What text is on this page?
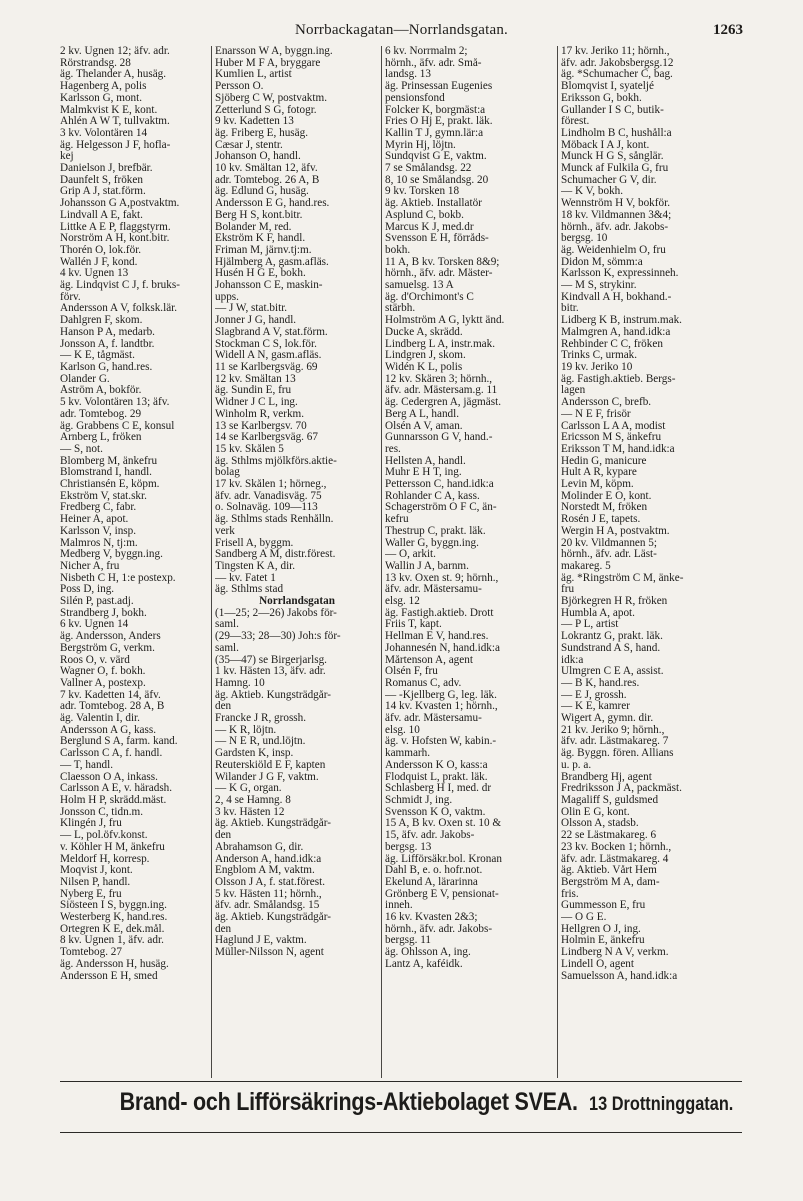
Norrbackagatan—Norrlandsgatan.	1263
2 kv. Ugnen 12; äfv. adr.
Rörstrandsg. 28
äg. Thelander A, husäg.
Hagenberg A, polis
Karlsson G, mont.
Malmkvist K E, kont.
Ahlén A W T, tullvaktm.
3 kv. Volontären 14
äg. Helgesson J F, hofla-
kej
Danielson J, brefbär.
Daunfelt S, fröken
Grip A J, stat.förm.
Johansson G A,postvaktm.
Lindvall A E, fakt.
Littke A E P, flaggstyrm.
Norström A H, kont.bitr.
Thorén O, lok.för.
Wallén J F, kond.
4 kv. Ugnen 13
äg. Lindqvist C J, f. bruks-
förv.
Andersson A V, folksk.lär.
Dahlgren F, skom.
Hanson P A, medarb.
Jonsson A, f. landtbr.
— K E, tågmäst.
Karlson G, hand.res.
Olander G.
Åström A, bokför.
5 kv. Volontären 13; äfv.
adr. Tomtebog. 29
äg. Grabbens C E, konsul
Arnberg L, fröken
— S, not.
Blomberg M, änkefru
Blomstrand I, handl.
Christiansén E, köpm.
Ekström V, stat.skr.
Fredberg C, fabr.
Heiner A, apot.
Karlsson V, insp.
Malmros N, tj:m.
Medberg V, byggn.ing.
Nicher A, fru
Nisbeth C H, 1:e postexp.
Poss D, ing.
Silén P, past.adj.
Strandberg J, bokh.
6 kv. Ugnen 14
äg. Andersson, Anders
Bergström G, verkm.
Roos O, v. värd
Wagner O, f. bokh.
Vallner A, postexp.
7 kv. Kadetten 14, äfv.
adr. Tomtebog. 28 A, B
äg. Valentin I, dir.
Andersson A G, kass.
Berglund S A, farm. kand.
Carlsson C A, f. handl.
— T, handl.
Claesson O A, inkass.
Carlsson A E, v. häradsh.
Holm H P, skrädd.mäst.
Jonsson C, tidn.m.
Klingén J, fru
— L, pol.öfv.konst.
v. Köhler H M, änkefru
Meldorf H, korresp.
Moqvist J, kont.
Nilsen P, handl.
Nyberg E, fru
Siösteen I S, byggn.ing.
Westerberg K, hand.res.
Örtegren K E, dek.mål.
8 kv. Ugnen 1, äfv. adr.
Tomtebog. 27
äg. Andersson H, husäg.
Andersson E H, smed
Enarsson W A, byggn.ing.
Huber M F A, bryggare
Kumlien L, artist
Persson O.
Sjöberg C W, postvaktm.
Zetterlund S G, fotogr.
9 kv. Kadetten 13
äg. Friberg E, husäg.
Cæsar J, stentr.
Johanson O, handl.
10 kv. Smältan 12, äfv.
adr. Tomtebog. 26 A, B
äg. Edlund G, husäg.
Andersson E G, hand.res.
Berg H S, kont.bitr.
Bolander M, red.
Ekström K F, handl.
Friman M, järnv.tj:m.
Hjälmberg A, gasm.afläs.
Husén H G E, bokh.
Johansson C E, maskin-
upps.
— J W, stat.bitr.
Jonner J G, handl.
Slagbrand A V, stat.förm.
Stockman C S, lok.för.
Widell A N, gasm.afläs.
11 se Karlbergsväg. 69
12 kv. Smältan 13
äg. Sundin E, fru
Widner J C L, ing.
Winholm R, verkm.
13 se Karlbergsv. 70
14 se Karlbergsväg. 67
15 kv. Skålen 5
äg. Sthlms mjölkförs.aktie-
bolag
17 kv. Skålen 1; hörneg.,
äfv. adr. Vanadisväg. 75
o. Solnaväg. 109—113
äg. Sthlms stads Renhålln.
verk
Frisell A, byggm.
Sandberg A M, distr.förest.
Tingsten K A, dir.
— kv. Fatet 1
äg. Sthlms stad
Norrlandsgatan
(1—25; 2—26) Jakobs för-
saml.
(29—33; 28—30) Joh:s för-
saml.
(35—47) se Birgerjarlsg.
1 kv. Hästen 13, äfv. adr.
Hamng. 10
äg. Aktieb. Kungsträdgår-
den
Francke J R, grossh.
— K R, löjtn.
— N E R, und.löjtn.
Gardsten K, insp.
Reuterskiöld E F, kapten
Wilander J G F, vaktm.
— K G, organ.
2, 4 se Hamng. 8
3 kv. Hästen 12
äg. Aktieb. Kungsträdgår-
den
Abrahamson G, dir.
Anderson A, hand.idk:a
Engblom A M, vaktm.
Olsson J A, f. stat.förest.
5 kv. Hästen 11; hörnh.,
äfv. adr. Smålandsg. 15
äg. Aktieb. Kungsträdgår-
den
Haglund J E, vaktm.
Müller-Nilsson N, agent
6 kv. Norrmalm 2;
hörnh., äfv. adr. Små-
landsg. 13
äg. Prinsessan Eugenies
pensionsfond
Folcker K, borgmäst:a
Fries O Hj E, prakt. läk.
Kallin T J, gymn.lär:a
Myrin Hj, löjtn.
Sundqvist G E, vaktm.
7 se Smålandsg. 22
8, 10 se Smålandsg. 20
9 kv. Torsken 18
äg. Aktieb. Installatör
Asplund C, bokb.
Marcus K J, med.dr
Svensson E H, förråds-
bokh.
11 A, B kv. Torsken 8&9;
hörnh., äfv. adr. Mäster-
samuelsg. 13 A
äg. d'Orchimont's C
stärbh.
Holmström A G, lyktt änd.
Ducke A, skrädd.
Lindberg L A, instr.mak.
Lindgren J, skom.
Widén K L, polis
12 kv. Skären 3; hörnh.,
äfv. adr. Mästersam.g. 11
äg. Cedergren A, jägmäst.
Berg A L, handl.
Olsén A V, aman.
Gunnarsson G V, hand.-
res.
Hellsten A, handl.
Muhr E H T, ing.
Pettersson C, hand.idk:a
Rohlander C A, kass.
Schagerström O F C, än-
kefru
Thestrup C, prakt. läk.
Waller G, byggn.ing.
— O, arkit.
Wallin J A, barnm.
13 kv. Oxen st. 9; hörnh.,
äfv. adr. Mästersamu-
elsg. 12
äg. Fastigh.aktieb. Drott
Friis T, kapt.
Hellman E V, hand.res.
Johannesén N, hand.idk:a
Mårtenson A, agent
Olsén F, fru
Romanus C, adv.
— -Kjellberg G, leg. läk.
14 kv. Kvasten 1; hörnh.,
äfv. adr. Mästersamu-
elsg. 10
äg. v. Hofsten W, kabin.-
kammarh.
Andersson K O, kass:a
Flodquist L, prakt. läk.
Schlasberg H I, med. dr
Schmidt J, ing.
Svensson K O, vaktm.
15 A, B kv. Oxen st. 10 &
15, äfv. adr. Jakobs-
bergsg. 13
äg. Lifförsäkr.bol. Kronan
Dahl B, e. o. hofr.not.
Ekelund A, lärarinna
Grönberg E V, pensionat-
inneh.
16 kv. Kvasten 2&3;
hörnh., äfv. adr. Jakobs-
bergsg. 11
äg. Ohlsson A, ing.
Lantz A, kaféidk.
17 kv. Jeriko 11; hörnh.,
äfv. adr. Jakobsbergsg.12
äg. *Schumacher C, bag.
Blomqvist I, syateljé
Eriksson G, bokh.
Gullander I S C, butik-
förest.
Lindholm B C, hushåll:a
Möback I A J, kont.
Munck H G S, sånglär.
Munck af Fulkila G, fru
Schumacher G V, dir.
— K V, bokh.
Wennström H V, bokför.
18 kv. Vildmannen 3&4;
hörnh., äfv. adr. Jakobs-
bergsg. 10
äg. Weidenhielm O, fru
Didon M, sömm:a
Karlsson K, expressinneh.
— M S, strykinr.
Kindvall A H, bokhand.-
bitr.
Lidberg K B, instrum.mak.
Malmgren A, hand.idk:a
Rehbinder C C, fröken
Trinks C, urmak.
19 kv. Jeriko 10
äg. Fastigh.aktieb. Bergs-
lagen
Andersson C, brefb.
— N E F, frisör
Carlsson L A A, modist
Ericsson M S, änkefru
Eriksson T M, hand.idk:a
Hedin G, manicure
Hult A R, kypare
Levin M, köpm.
Molinder E O, kont.
Norstedt M, fröken
Rosén J E, tapets.
Wergin H A, postvaktm.
20 kv. Vildmannen 5;
hörnh., äfv. adr. Läst-
makareg. 5
äg. *Ringström C M, änke-
fru
Björkegren H R, fröken
Humbla A, apot.
— P L, artist
Lokrantz G, prakt. läk.
Sundstrand A S, hand.
idk:a
Ulmgren C E A, assist.
— B K, hand.res.
— E J, grossh.
— K E, kamrer
Wigert A, gymn. dir.
21 kv. Jeriko 9; hörnh.,
äfv. adr. Lästmakareg. 7
äg. Byggn. fören. Allians
u. p. a.
Brandberg Hj, agent
Fredriksson J A, packmäst.
Magaliff S, guldsmed
Olin E G, kont.
Olsson A, stadsb.
22 se Lästmakareg. 6
23 kv. Bocken 1; hörnh.,
äfv. adr. Lästmakareg. 4
äg. Aktieb. Vårt Hem
Bergström M A, dam-
fris.
Gummesson E, fru
— O G E.
Hellgren O J, ing.
Holmin E, änkefru
Lindberg N A V, verkm.
Lindell O, agent
Samuelsson A, hand.idk:a
Brand- och Lifförsäkrings-Aktiebolaget SVEA. 13 Drottninggatan.
